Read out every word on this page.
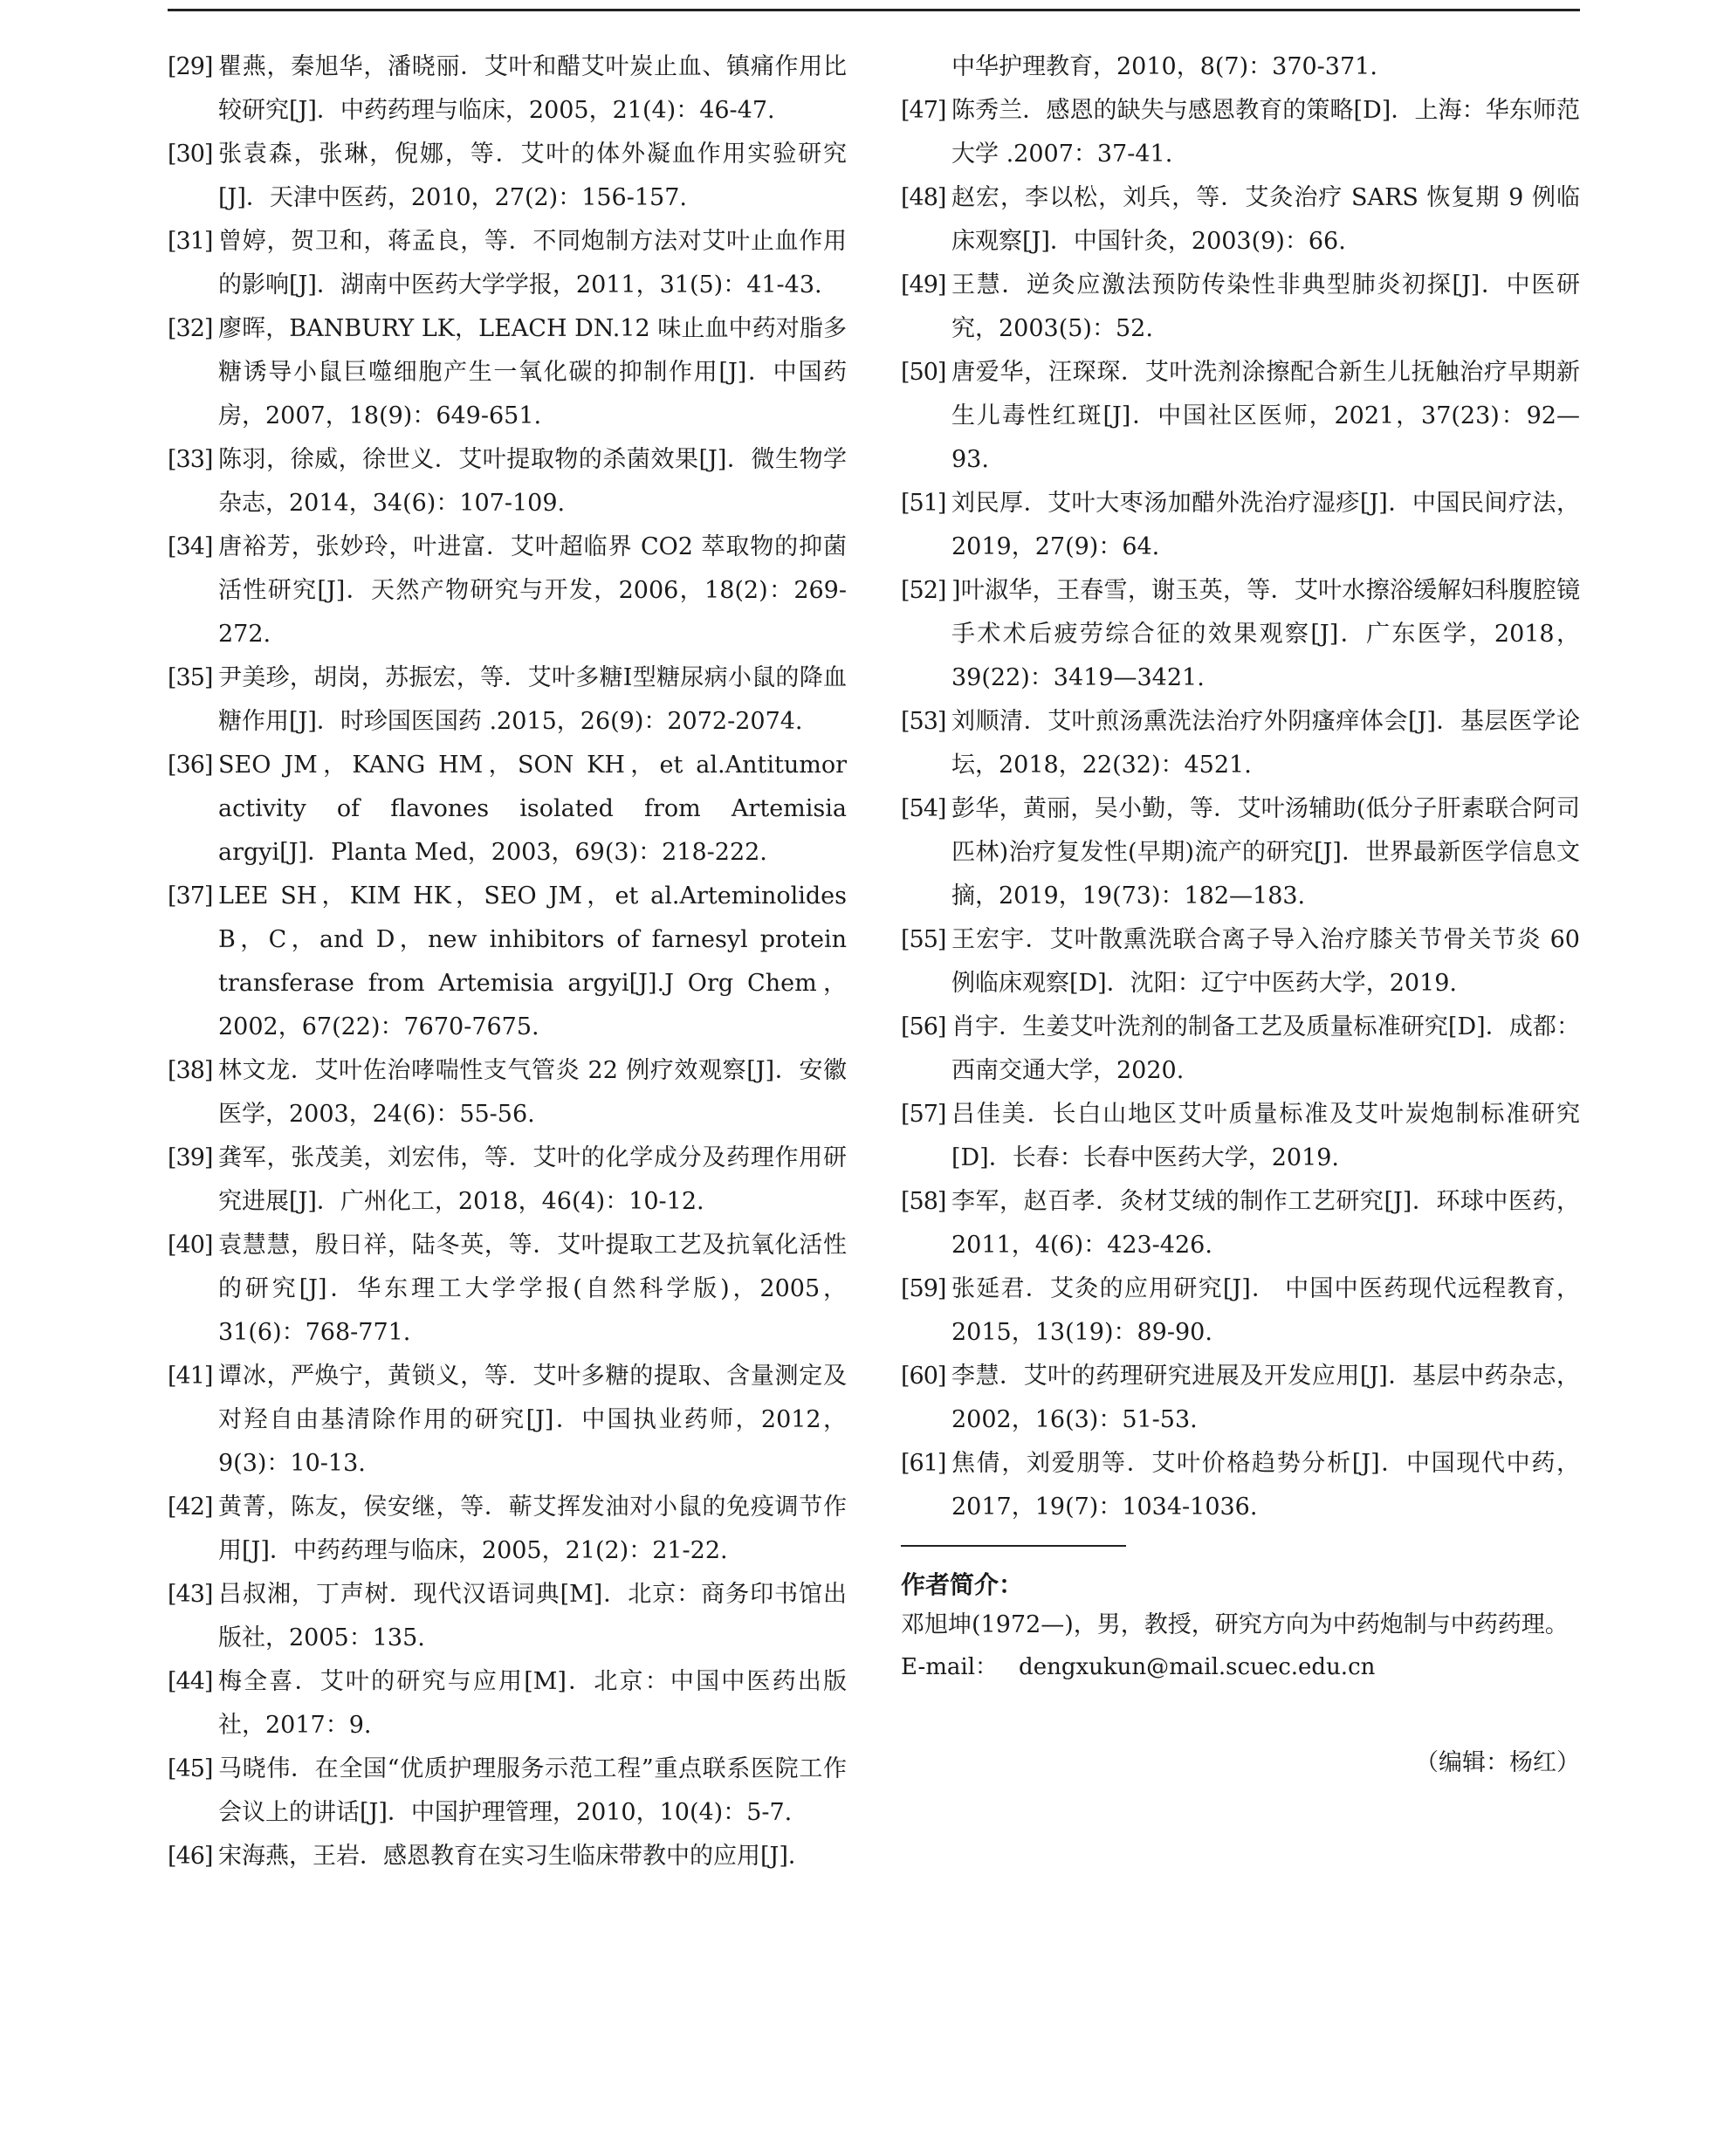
[29] 瞿燕，秦旭华，潘晓丽．艾叶和醋艾叶炭止血、镇痛作用比较研究[J]．中药药理与临床，2005，21(4)：46-47.
[30] 张袁森，张琳，倪娜，等．艾叶的体外凝血作用实验研究[J]．天津中医药，2010，27(2)：156-157.
[31] 曾婷，贺卫和，蒋孟良，等．不同炮制方法对艾叶止血作用的影响[J]．湖南中医药大学学报，2011，31(5)：41-43.
[32] 廖晖，BANBURY LK，LEACH DN.12 味止血中药对脂多糖诱导小鼠巨噬细胞产生一氧化碳的抑制作用[J]．中国药房，2007，18(9)：649-651.
[33] 陈羽，徐威，徐世义．艾叶提取物的杀菌效果[J]．微生物学杂志，2014，34(6)：107-109.
[34] 唐裕芳，张妙玲，叶进富．艾叶超临界 CO2 萃取物的抑菌活性研究[J]．天然产物研究与开发，2006，18(2)：269-272.
[35] 尹美珍，胡岗，苏振宏，等．艾叶多糖Ⅰ型糖尿病小鼠的降血糖作用[J]．时珍国医国药 .2015，26(9)：2072-2074.
[36] SEO JM，KANG HM，SON KH，et al.Antitumor activity of flavones isolated from Artemisia argyi[J]．Planta Med，2003，69(3)：218-222.
[37] LEE SH，KIM HK，SEO JM，et al.Arteminolides B，C，and D，new inhibitors of farnesyl protein transferase from Artemisia argyi[J].J Org Chem，2002，67(22)：7670-7675.
[38] 林文龙．艾叶佐治哮喘性支气管炎 22 例疗效观察[J]．安徽医学，2003，24(6)：55-56.
[39] 龚军，张茂美，刘宏伟，等．艾叶的化学成分及药理作用研究进展[J]．广州化工，2018，46(4)：10-12.
[40] 袁慧慧，殷日祥，陆冬英，等．艾叶提取工艺及抗氧化活性的研究[J]．华东理工大学学报(自然科学版)，2005，31(6)：768-771.
[41] 谭冰，严焕宁，黄锁义，等．艾叶多糖的提取、含量测定及对羟自由基清除作用的研究[J]．中国执业药师，2012，9(3)：10-13.
[42] 黄菁，陈友，侯安继，等．蕲艾挥发油对小鼠的免疫调节作用[J]．中药药理与临床，2005，21(2)：21-22.
[43] 吕叔湘，丁声树．现代汉语词典[M]．北京：商务印书馆出版社，2005：135.
[44] 梅全喜．艾叶的研究与应用[M]．北京：中国中医药出版社，2017：9.
[45] 马晓伟．在全国“优质护理服务示范工程”重点联系医院工作会议上的讲话[J]．中国护理管理，2010，10(4)：5-7.
[46] 宋海燕，王岩．感恩教育在实习生临床带教中的应用[J]．
中华护理教育，2010，8(7)：370-371.
[47] 陈秀兰．感恩的缺失与感恩教育的策略[D]．上海：华东师范大学 .2007：37-41.
[48] 赵宏，李以松，刘兵，等．艾灸治疗 SARS 恢复期 9 例临床观察[J]．中国针灸，2003(9)：66.
[49] 王慧．逆灸应激法预防传染性非典型肺炎初探[J]．中医研究，2003(5)：52.
[50] 唐爱华，汪琛琛．艾叶洗剂涂擦配合新生儿抚触治疗早期新生儿毒性红斑[J]．中国社区医师，2021，37(23)：92—93.
[51] 刘民厚．艾叶大枣汤加醋外洗治疗湿疹[J]．中国民间疗法，2019，27(9)：64.
[52] ]叶淑华，王春雪，谢玉英，等．艾叶水擦浴缓解妇科腹腔镜手术术后疲劳综合征的效果观察[J]．广东医学，2018，39(22)：3419—3421.
[53] 刘顺清．艾叶煎汤熏洗法治疗外阴瘙痒体会[J]．基层医学论坛，2018，22(32)：4521.
[54] 彭华，黄丽，吴小勤，等．艾叶汤辅助(低分子肝素联合阿司匹林)治疗复发性(早期)流产的研究[J]．世界最新医学信息文摘，2019，19(73)：182—183.
[55] 王宏宇．艾叶散熏洗联合离子导入治疗膝关节骨关节炎 60 例临床观察[D]．沈阳：辽宁中医药大学，2019.
[56] 肖宇．生姜艾叶洗剂的制备工艺及质量标准研究[D]．成都：西南交通大学，2020.
[57] 吕佳美．长白山地区艾叶质量标准及艾叶炭炮制标准研究[D]．长春：长春中医药大学，2019.
[58] 李军，赵百孝．灸材艾绒的制作工艺研究[J]．环球中医药，2011，4(6)：423-426.
[59] 张延君．艾灸的应用研究[J]． 中国中医药现代远程教育，2015，13(19)：89-90.
[60] 李慧．艾叶的药理研究进展及开发应用[J]．基层中药杂志，2002，16(3)：51-53.
[61] 焦倩，刘爱朋等．艾叶价格趋势分析[J]．中国现代中药，2017，19(7)：1034-1036.
作者简介：
邓旭坤(1972—)，男，教授，研究方向为中药炮制与中药药理。
E-mail： dengxukun@mail.scuec.edu.cn
（编辑：杨红）
